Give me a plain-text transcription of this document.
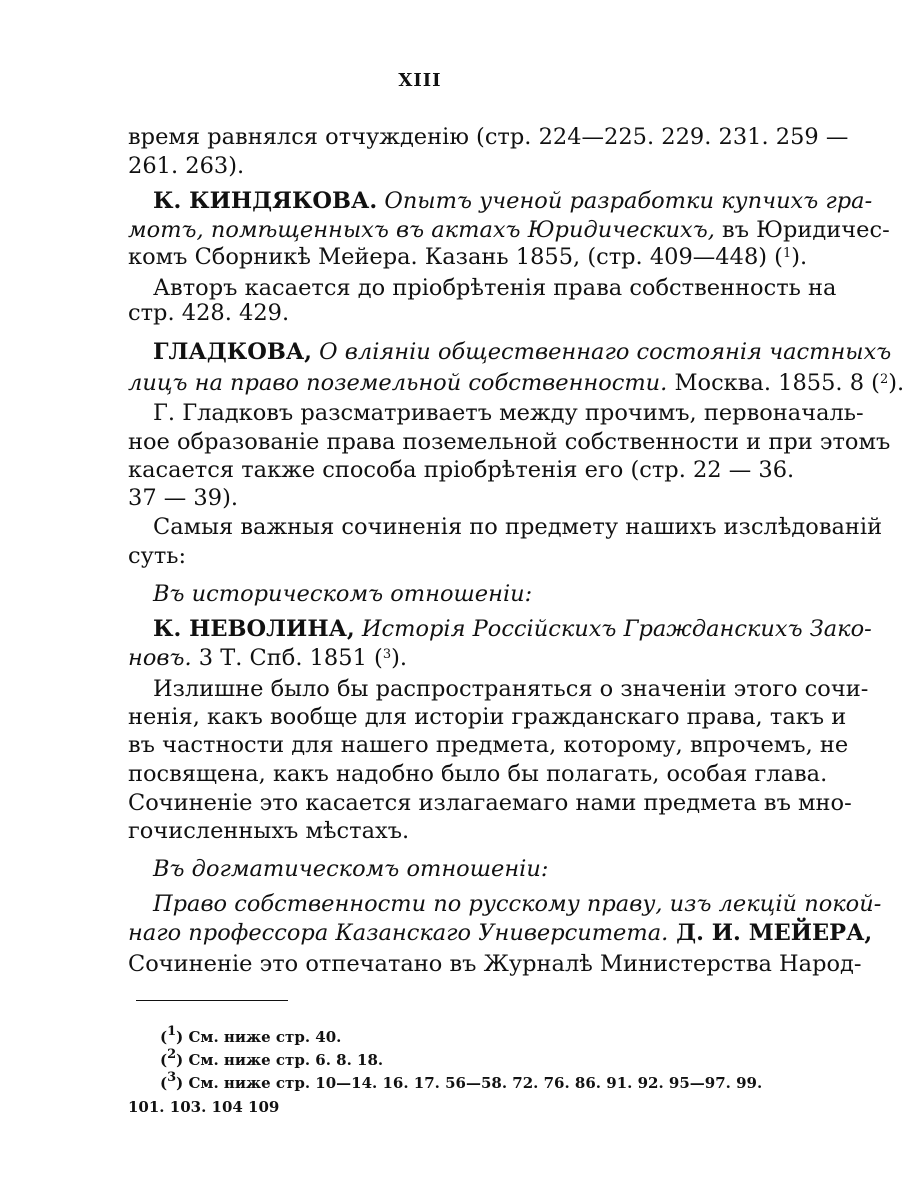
XIII
время равнялся отчужденію (стр. 224—225. 229. 231. 259 —
261. 263).
К. КИНДЯКОВА. Опытъ ученой разработки купчихъ гра-
мотъ, помѣщенныхъ въ актахъ Юридическихъ, въ Юридичес-
комъ Сборникѣ Мейера. Казань 1855, (стр. 409—448) ($^1$).
Авторъ касается до пріобрѣтенія права собственность на
стр. 428. 429.
ГЛАДКОВА, О вліяніи общественнаго состоянія частныхъ
лицъ на право поземельной собственности. Москва. 1855. 8 ($^2$).
Г. Гладковъ разсматриваетъ между прочимъ, первоначаль-
ное образованіе права поземельной собственности и при этомъ
касается также способа пріобрѣтенія его (стр. 22 — 36.
37 — 39).
Самыя важныя сочиненія по предмету нашихъ изслѣдованій
суть:
Въ историческомъ отношеніи:
К. НЕВОЛИНА, Исторія Россійскихъ Гражданскихъ Зако-
новъ. 3 Т. Спб. 1851 ($^3$).
Излишне было бы распространяться о значеніи этого сочи-
ненія, какъ вообще для исторіи гражданскаго права, такъ и
въ частности для нашего предмета, которому, впрочемъ, не
посвящена, какъ надобно было бы полагать, особая глава.
Сочиненіе это касается излагаемаго нами предмета въ мно-
гочисленныхъ мѣстахъ.
Въ догматическомъ отношеніи:
Право собственности по русскому праву, изъ лекцій покой-
наго профессора Казанскаго Университета. Д. И. МЕЙЕРА,
Сочиненіе это отпечатано въ Журналѣ Министерства Народ-
($^1$) См. ниже стр. 40.
($^2$) См. ниже стр. 6. 8. 18.
($^3$) См. ниже стр. 10—14. 16. 17. 56—58. 72. 76. 86. 91. 92. 95—97. 99.
101. 103. 104 109
